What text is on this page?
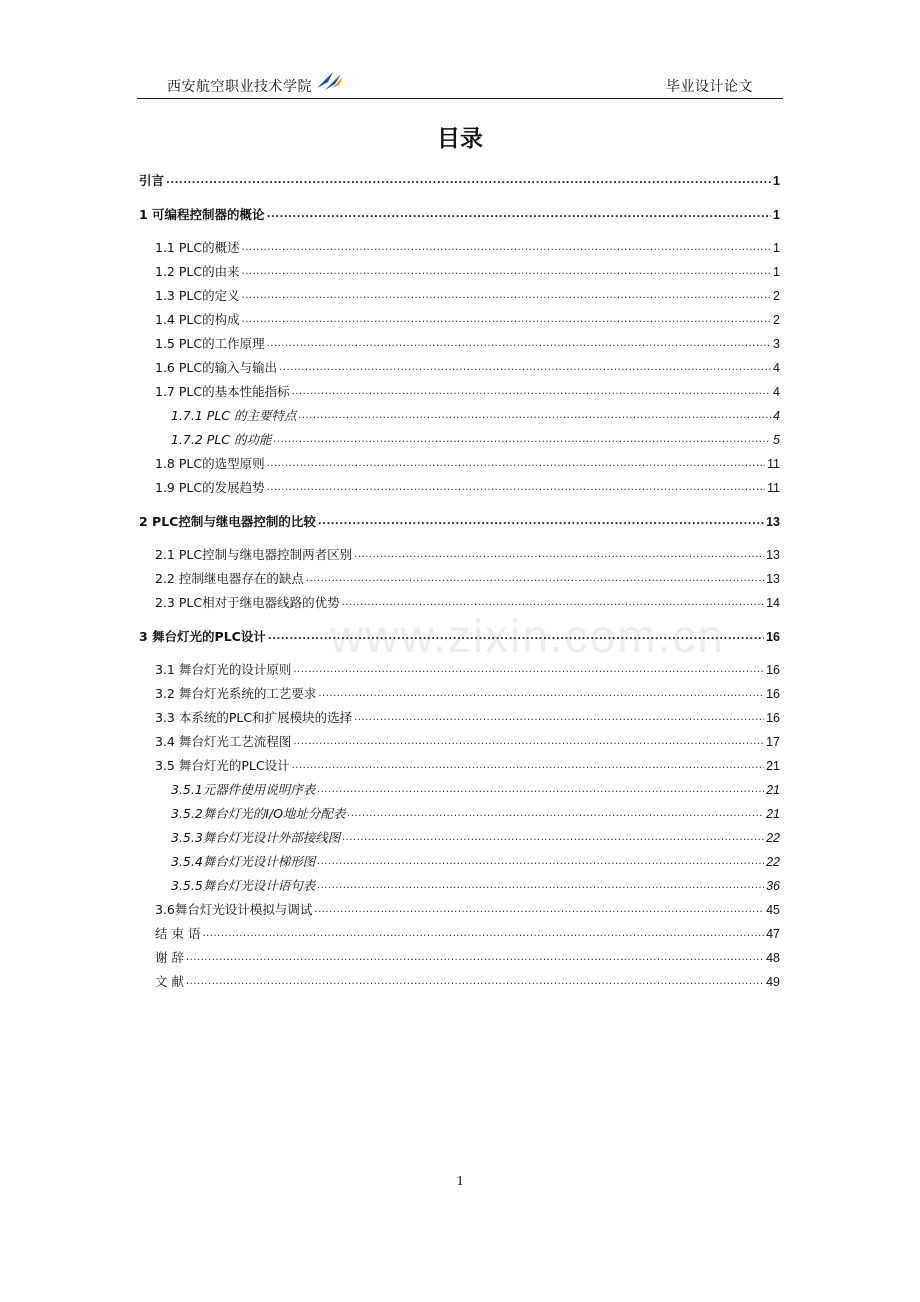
西安航空职业技术学院	毕业设计论文
目录
www.zixin.com.cn
引言 .....	1
1 可编程控制器的概论 .....	1
1.1 PLC的概述 .....	1
1.2 PLC的由来 .....	1
1.3 PLC的定义 .....	2
1.4 PLC的构成 .....	2
1.5 PLC的工作原理 .....	3
1.6 PLC的输入与输出 .....	4
1.7 PLC的基本性能指标 .....	4
1.7.1 PLC 的主要特点 .....	4
1.7.2 PLC 的功能 .....	5
1.8 PLC的选型原则 .....	11
1.9 PLC的发展趋势 .....	11
2 PLC控制与继电器控制的比较 .....	13
2.1 PLC控制与继电器控制两者区别 .....	13
2.2 控制继电器存在的缺点 .....	13
2.3 PLC相对于继电器线路的优势 .....	14
3 舞台灯光的PLC设计 .....	16
3.1 舞台灯光的设计原则 .....	16
3.2 舞台灯光系统的工艺要求 .....	16
3.3 本系统的PLC和扩展模块的选择 .....	16
3.4 舞台灯光工艺流程图 .....	17
3.5 舞台灯光的PLC设计 .....	21
3.5.1元器件使用说明序表 .....	21
3.5.2舞台灯光的I/O地址分配表 .....	21
3.5.3舞台灯光设计外部接线图 .....	22
3.5.4舞台灯光设计梯形图 .....	22
3.5.5舞台灯光设计语句表 .....	36
3.6舞台灯光设计模拟与调试 .....	45
结 束 语 .....	47
谢 辞 .....	48
文 献 .....	49
1
